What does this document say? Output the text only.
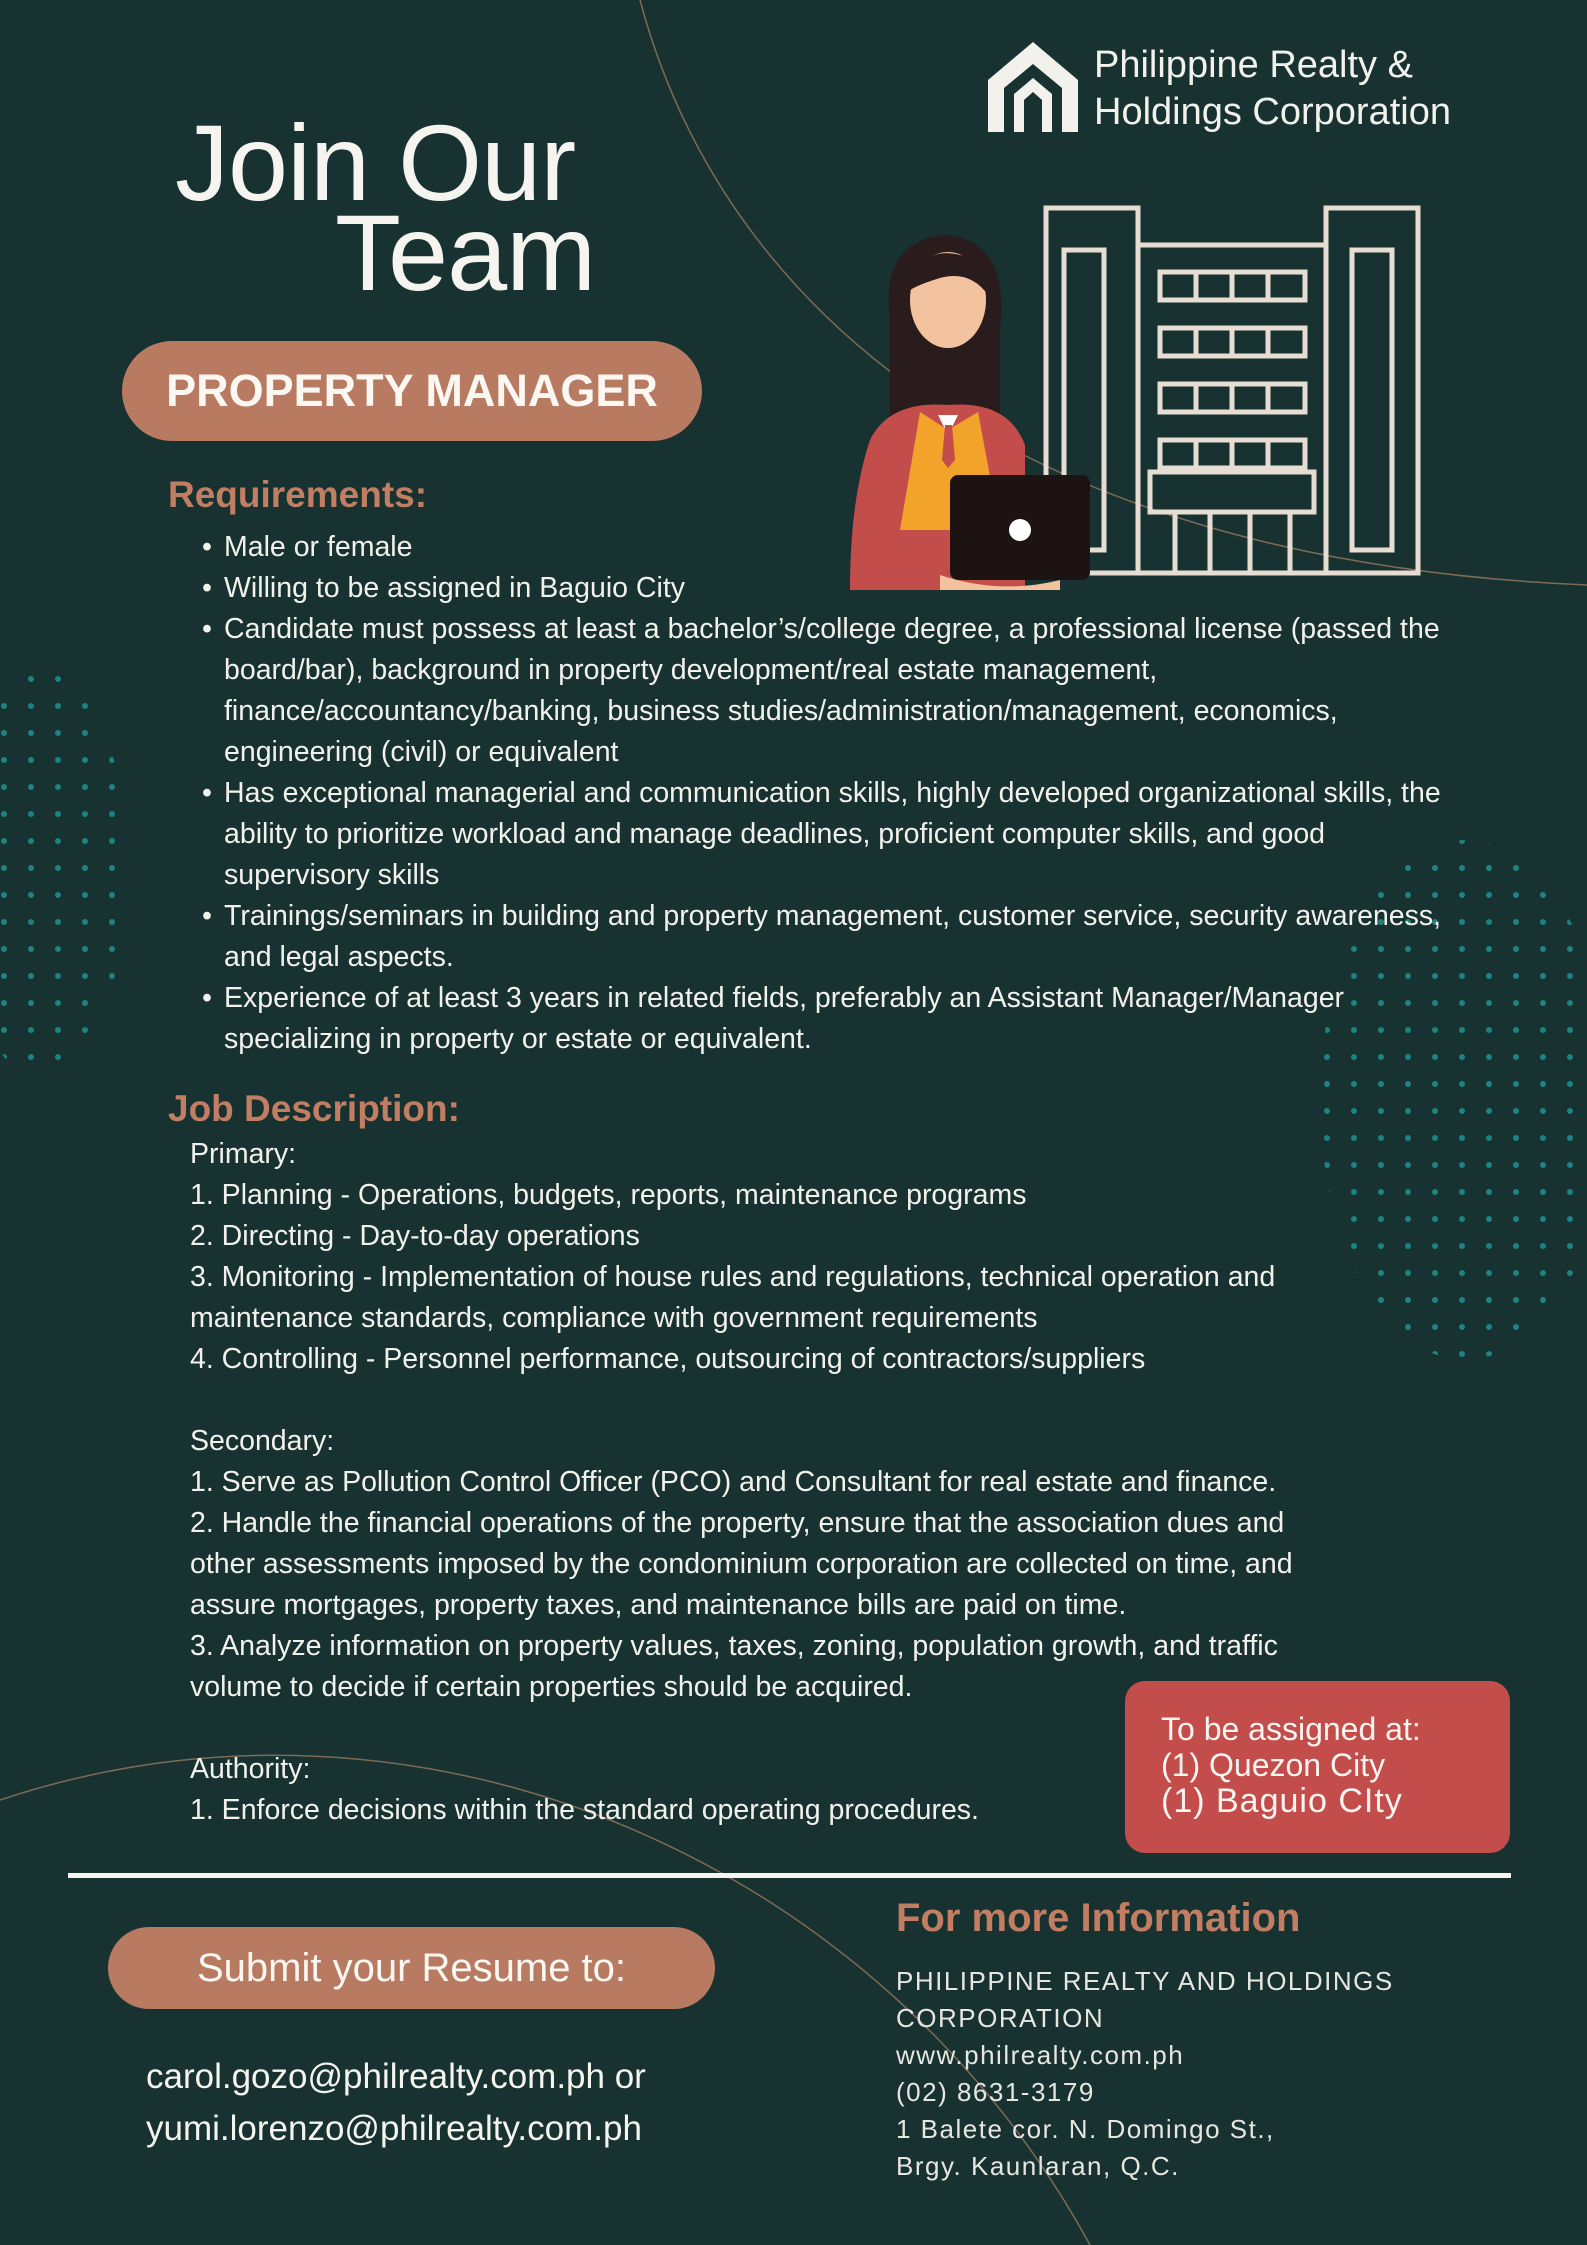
Philippine Realty &
Holdings Corporation
Join Our
Team
PROPERTY MANAGER
Requirements:
• Male or female
• Willing to be assigned in Baguio City
• Candidate must possess at least a bachelor’s/college degree, a professional license (passed the board/bar), background in property development/real estate management, finance/accountancy/banking, business studies/administration/management, economics, engineering (civil) or equivalent
• Has exceptional managerial and communication skills, highly developed organizational skills, the ability to prioritize workload and manage deadlines, proficient computer skills, and good supervisory skills
• Trainings/seminars in building and property management, customer service, security awareness, and legal aspects.
• Experience of at least 3 years in related fields, preferably an Assistant Manager/Manager specializing in property or estate or equivalent.
Job Description:
Primary:
1. Planning - Operations, budgets, reports, maintenance programs
2. Directing - Day-to-day operations
3. Monitoring - Implementation of house rules and regulations, technical operation and
maintenance standards, compliance with government requirements
4. Controlling - Personnel performance, outsourcing of contractors/suppliers
Secondary:
1. Serve as Pollution Control Officer (PCO) and Consultant for real estate and finance.
2. Handle the financial operations of the property, ensure that the association dues and
other assessments imposed by the condominium corporation are collected on time, and
assure mortgages, property taxes, and maintenance bills are paid on time.
3. Analyze information on property values, taxes, zoning, population growth, and traffic
volume to decide if certain properties should be acquired.
Authority:
1. Enforce decisions within the standard operating procedures.
To be assigned at:
(1) Quezon City
(1) Baguio CIty
Submit your Resume to:
carol.gozo@philrealty.com.ph or
yumi.lorenzo@philrealty.com.ph
For more Information
PHILIPPINE REALTY AND HOLDINGS
CORPORATION
www.philrealty.com.ph
(02) 8631-3179
1 Balete cor. N. Domingo St.,
Brgy. Kaunlaran, Q.C.
